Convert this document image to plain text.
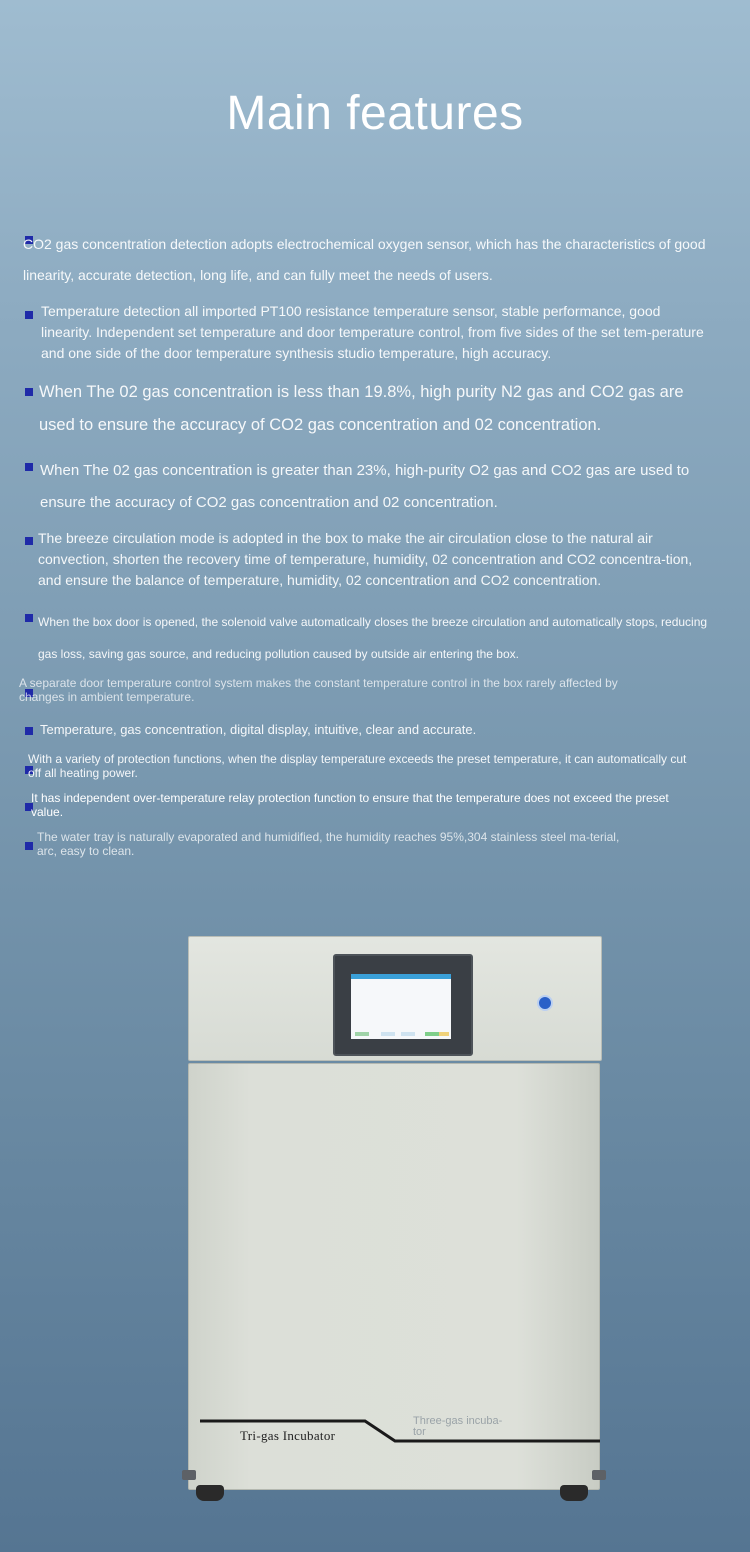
Main features
CO2 gas concentration detection adopts electrochemical oxygen sensor, which has the characteristics of good linearity, accurate detection, long life, and can fully meet the needs of users.
Temperature detection all imported PT100 resistance temperature sensor, stable performance, good linearity. Independent set temperature and door temperature control, from five sides of the set tem-perature and one side of the door temperature synthesis studio temperature, high accuracy.
When The 02 gas concentration is less than 19.8%, high purity N2 gas and CO2 gas are used to ensure the accuracy of CO2 gas concentration and 02 concentration.
When The 02 gas concentration is greater than 23%, high-purity O2 gas and CO2 gas are used to ensure the accuracy of CO2 gas concentration and 02 concentration.
The breeze circulation mode is adopted in the box to make the air circulation close to the natural air convection, shorten the recovery time of temperature, humidity, 02 concentration and CO2 concentra-tion, and ensure the balance of temperature, humidity, 02 concentration and CO2 concentration.
When the box door is opened, the solenoid valve automatically closes the breeze circulation and automatically stops, reducing gas loss, saving gas source, and reducing pollution caused by outside air entering the box.
A separate door temperature control system makes the constant temperature control in the box rarely affected by changes in ambient temperature.
Temperature, gas concentration, digital display, intuitive, clear and accurate.
With a variety of protection functions, when the display temperature exceeds the preset temperature, it can automatically cut off all heating power.
It has independent over-temperature relay protection function to ensure that the temperature does not exceed the preset value.
The water tray is naturally evaporated and humidified, the humidity reaches 95%,304 stainless steel ma-terial, arc, easy to clean.
Tri-gas Incubator
Three-gas incuba-tor
